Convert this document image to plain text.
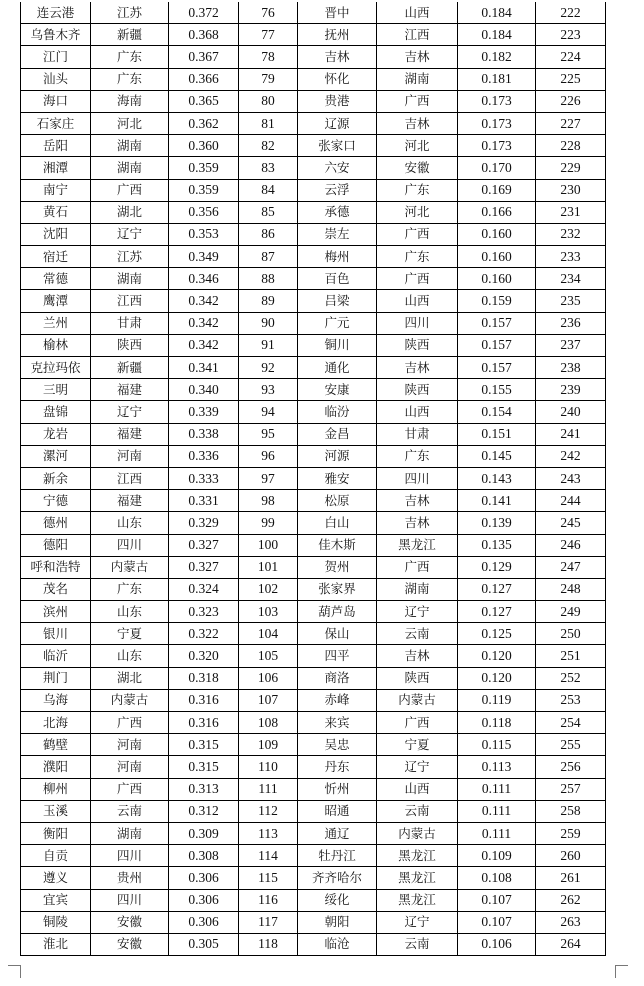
连云港	江苏	0.372	76	晋中	山西	0.184	222
乌鲁木齐	新疆	0.368	77	抚州	江西	0.184	223
江门	广东	0.367	78	吉林	吉林	0.182	224
汕头	广东	0.366	79	怀化	湖南	0.181	225
海口	海南	0.365	80	贵港	广西	0.173	226
石家庄	河北	0.362	81	辽源	吉林	0.173	227
岳阳	湖南	0.360	82	张家口	河北	0.173	228
湘潭	湖南	0.359	83	六安	安徽	0.170	229
南宁	广西	0.359	84	云浮	广东	0.169	230
黄石	湖北	0.356	85	承德	河北	0.166	231
沈阳	辽宁	0.353	86	崇左	广西	0.160	232
宿迁	江苏	0.349	87	梅州	广东	0.160	233
常德	湖南	0.346	88	百色	广西	0.160	234
鹰潭	江西	0.342	89	吕梁	山西	0.159	235
兰州	甘肃	0.342	90	广元	四川	0.157	236
榆林	陕西	0.342	91	铜川	陕西	0.157	237
克拉玛依	新疆	0.341	92	通化	吉林	0.157	238
三明	福建	0.340	93	安康	陕西	0.155	239
盘锦	辽宁	0.339	94	临汾	山西	0.154	240
龙岩	福建	0.338	95	金昌	甘肃	0.151	241
漯河	河南	0.336	96	河源	广东	0.145	242
新余	江西	0.333	97	雅安	四川	0.143	243
宁德	福建	0.331	98	松原	吉林	0.141	244
德州	山东	0.329	99	白山	吉林	0.139	245
德阳	四川	0.327	100	佳木斯	黑龙江	0.135	246
呼和浩特	内蒙古	0.327	101	贺州	广西	0.129	247
茂名	广东	0.324	102	张家界	湖南	0.127	248
滨州	山东	0.323	103	葫芦岛	辽宁	0.127	249
银川	宁夏	0.322	104	保山	云南	0.125	250
临沂	山东	0.320	105	四平	吉林	0.120	251
荆门	湖北	0.318	106	商洛	陕西	0.120	252
乌海	内蒙古	0.316	107	赤峰	内蒙古	0.119	253
北海	广西	0.316	108	来宾	广西	0.118	254
鹤壁	河南	0.315	109	吴忠	宁夏	0.115	255
濮阳	河南	0.315	110	丹东	辽宁	0.113	256
柳州	广西	0.313	111	忻州	山西	0.111	257
玉溪	云南	0.312	112	昭通	云南	0.111	258
衡阳	湖南	0.309	113	通辽	内蒙古	0.111	259
自贡	四川	0.308	114	牡丹江	黑龙江	0.109	260
遵义	贵州	0.306	115	齐齐哈尔	黑龙江	0.108	261
宜宾	四川	0.306	116	绥化	黑龙江	0.107	262
铜陵	安徽	0.306	117	朝阳	辽宁	0.107	263
淮北	安徽	0.305	118	临沧	云南	0.106	264
